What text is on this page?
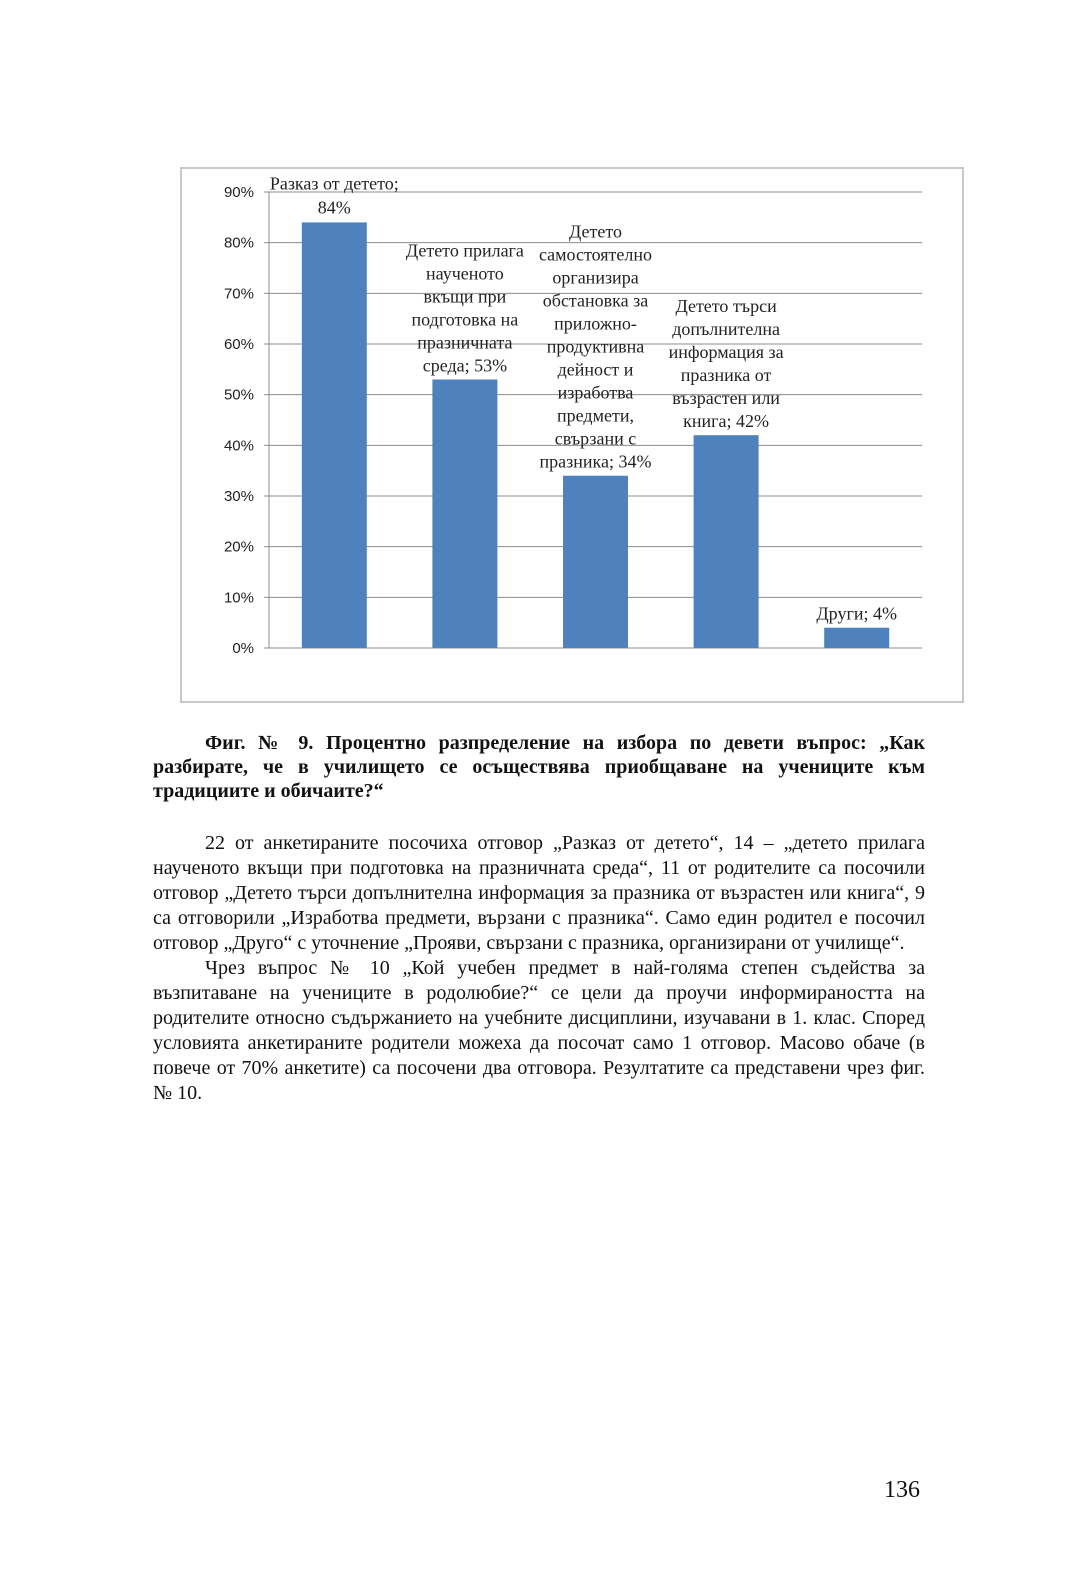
0%
10%
20%
30%
40%
50%
60%
70%
80%
90% Разказ от детето;
84%
Детето прилага
наученото
вкъщи при
подготовка на
празничната
среда; 53%
Детето
самостоятелно
организира
обстановка за
приложно-
продуктивна
дейност и
изработва
предмети,
свързани с
празника; 34%
Детето търси
допълнителна
информация за
празника от
възрастен или
книга; 42%
Други; 4%
Фиг. № 9. Процентно разпределение на избора по девети въпрос: „Как разбирате, че в училището се осъществява приобщаване на учениците към традициите и обичаите?“

22 от анкетираните посочиха отговор „Разказ от детето“, 14 – „детето прилага наученото вкъщи при подготовка на празничната среда“, 11 от родителите са посочили отговор „Детето търси допълнителна информация за празника от възрастен или книга“, 9 са отговорили „Изработва предмети, вързани с празника“. Само един родител е посочил отговор „Друго“ с уточнение „Прояви, свързани с празника, организирани от училище“.

Чрез въпрос № 10 „Кой учебен предмет в най-голяма степен съдейства за възпитаване на учениците в родолюбие?“ се цели да проучи информираността на родителите относно съдържанието на учебните дисциплини, изучавани в 1. клас. Според условията анкетираните родители можеха да посочат само 1 отговор. Масово обаче (в повече от 70% анкетите) са посочени два отговора. Резултатите са представени чрез фиг. № 10.

136
